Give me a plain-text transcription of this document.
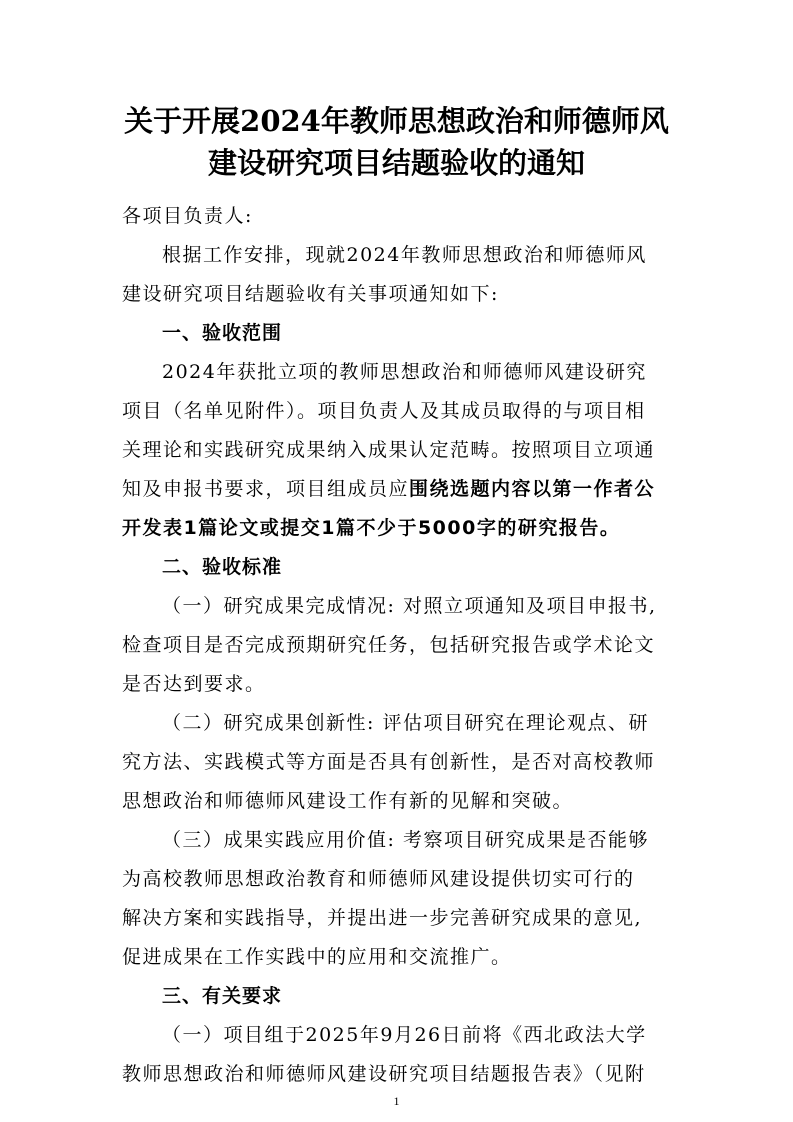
关于开展2024年教师思想政治和师德师风
建设研究项目结题验收的通知
各项目负责人:
根据工作安排，现就2024年教师思想政治和师德师风
建设研究项目结题验收有关事项通知如下:
一、验收范围
2024年获批立项的教师思想政治和师德师风建设研究
项目（名单见附件）。项目负责人及其成员取得的与项目相
关理论和实践研究成果纳入成果认定范畴。按照项目立项通
知及申报书要求，项目组成员应围绕选题内容以第一作者公
开发表1篇论文或提交1篇不少于5000字的研究报告。
二、验收标准
（一）研究成果完成情况: 对照立项通知及项目申报书,
检查项目是否完成预期研究任务，包括研究报告或学术论文
是否达到要求。
（二）研究成果创新性: 评估项目研究在理论观点、研
究方法、实践模式等方面是否具有创新性，是否对高校教师
思想政治和师德师风建设工作有新的见解和突破。
（三）成果实践应用价值: 考察项目研究成果是否能够
为高校教师思想政治教育和师德师风建设提供切实可行的
解决方案和实践指导，并提出进一步完善研究成果的意见,
促进成果在工作实践中的应用和交流推广。
三、有关要求
（一）项目组于2025年9月26日前将《西北政法大学
教师思想政治和师德师风建设研究项目结题报告表》（见附
1
